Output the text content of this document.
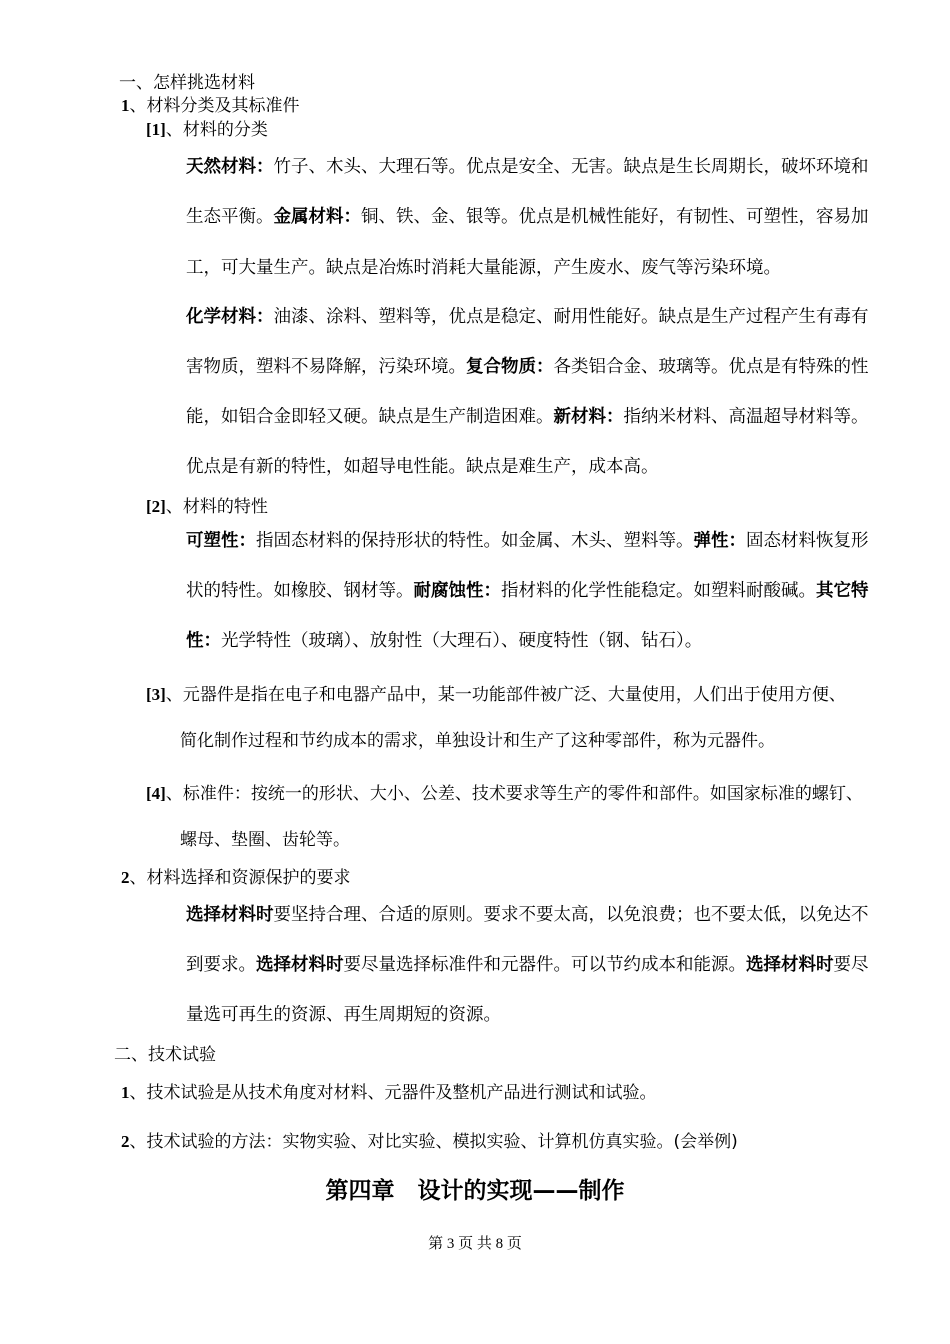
一、怎样挑选材料
1、材料分类及其标准件
[1]、材料的分类
天然材料：竹子、木头、大理石等。优点是安全、无害。缺点是生长周期长，破坏环境和
生态平衡。金属材料：铜、铁、金、银等。优点是机械性能好，有韧性、可塑性，容易加
工，可大量生产。缺点是冶炼时消耗大量能源，产生废水、废气等污染环境。
化学材料：油漆、涂料、塑料等，优点是稳定、耐用性能好。缺点是生产过程产生有毒有
害物质，塑料不易降解，污染环境。复合物质：各类铝合金、玻璃等。优点是有特殊的性
能，如铝合金即轻又硬。缺点是生产制造困难。新材料：指纳米材料、高温超导材料等。
优点是有新的特性，如超导电性能。缺点是难生产，成本高。
[2]、材料的特性
可塑性：指固态材料的保持形状的特性。如金属、木头、塑料等。弹性：固态材料恢复形
状的特性。如橡胶、钢材等。耐腐蚀性：指材料的化学性能稳定。如塑料耐酸碱。其它特
性：光学特性（玻璃）、放射性（大理石）、硬度特性（钢、钻石）。
[3]、元器件是指在电子和电器产品中，某一功能部件被广泛、大量使用，人们出于使用方便、
简化制作过程和节约成本的需求，单独设计和生产了这种零部件，称为元器件。
[4]、标准件：按统一的形状、大小、公差、技术要求等生产的零件和部件。如国家标准的螺钉、
螺母、垫圈、齿轮等。
2、材料选择和资源保护的要求
选择材料时要坚持合理、合适的原则。要求不要太高，以免浪费；也不要太低，以免达不
到要求。选择材料时要尽量选择标准件和元器件。可以节约成本和能源。选择材料时要尽
量选可再生的资源、再生周期短的资源。
二、技术试验
1、技术试验是从技术角度对材料、元器件及整机产品进行测试和试验。
2、技术试验的方法：实物实验、对比实验、模拟实验、计算机仿真实验。(会举例)
第四章　设计的实现——制作
第 3 页 共 8 页
